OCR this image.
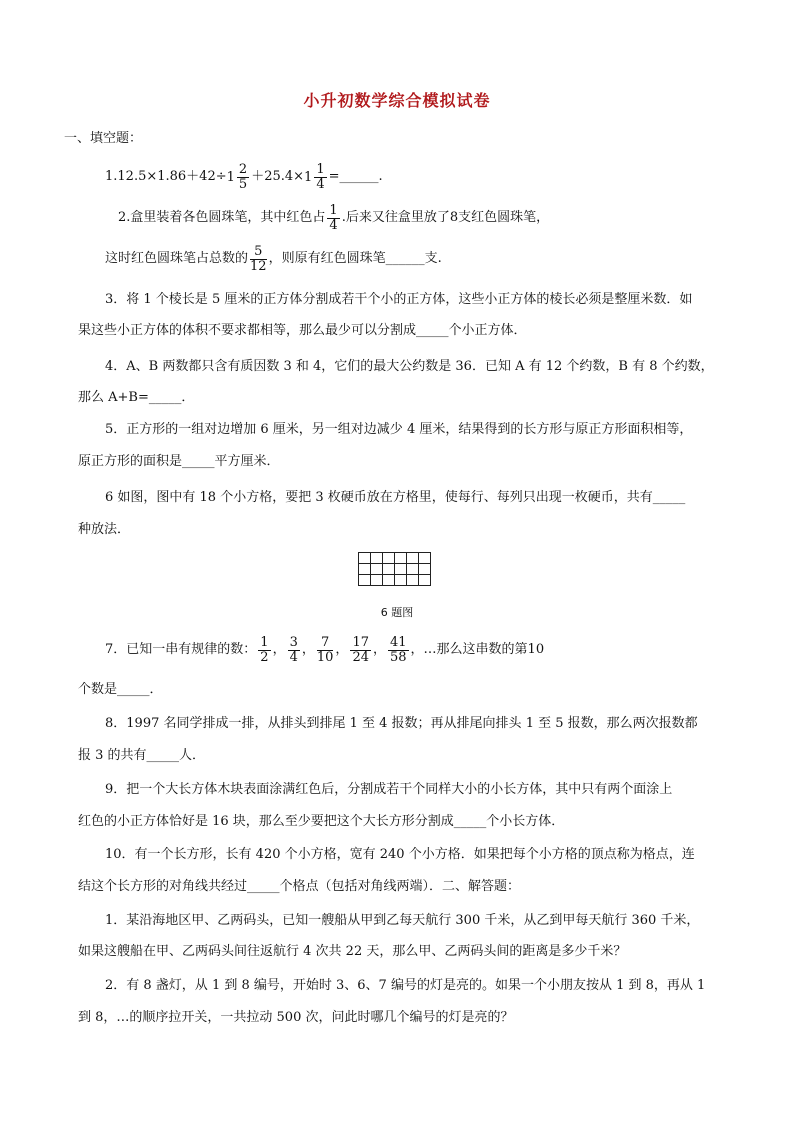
小升初数学综合模拟试卷
一、填空题：
$1.12.5\times 1.86+42\div 1 \frac{2}{5} +25.4\times 1 \frac{1}{4}$ =______.
2.盒里装着各色圆珠笔，其中红色占 $\frac{1}{4}$ .后来又往盒里放了8支红色圆珠笔，
这时红色圆珠笔占总数的 $\frac{5}{12}$ ，则原有红色圆珠笔______支.
3．将 1 个棱长是 5 厘米的正方体分割成若干个小的正方体，这些小正方体的棱长必须是整厘米数．如
果这些小正方体的体积不要求都相等，那么最少可以分割成_____个小正方体．
4．A、B 两数都只含有质因数 3 和 4，它们的最大公约数是 36．已知 A 有 12 个约数，B 有 8 个约数，
那么 A+B=_____．
5．正方形的一组对边增加 6 厘米，另一组对边减少 4 厘米，结果得到的长方形与原正方形面积相等，
原正方形的面积是_____平方厘米．
6 如图，图中有 18 个小方格，要把 3 枚硬币放在方格里，使每行、每列只出现一枚硬币，共有_____
种放法．

6 题图
7．已知一串有规律的数： $\frac{1}{2}$ ， $\frac{3}{4}$ ， $\frac{7}{10}$ ， $\frac{17}{24}$ ， $\frac{41}{58}$ ，…那么这串数的第10
个数是_____．
8．1997 名同学排成一排，从排头到排尾 1 至 4 报数；再从排尾向排头 1 至 5 报数，那么两次报数都
报 3 的共有_____人．
9．把一个大长方体木块表面涂满红色后，分割成若干个同样大小的小长方体，其中只有两个面涂上
红色的小正方体恰好是 16 块，那么至少要把这个大长方形分割成_____个小长方体．
10．有一个长方形，长有 420 个小方格，宽有 240 个小方格．如果把每个小方格的顶点称为格点，连
结这个长方形的对角线共经过_____个格点（包括对角线两端）．二、解答题：
1．某沿海地区甲、乙两码头，已知一艘船从甲到乙每天航行 300 千米，从乙到甲每天航行 360 千米，
如果这艘船在甲、乙两码头间往返航行 4 次共 22 天，那么甲、乙两码头间的距离是多少千米？
2．有 8 盏灯，从 1 到 8 编号，开始时 3、6、7 编号的灯是亮的。如果一个小朋友按从 1 到 8，再从 1
到 8，…的顺序拉开关，一共拉动 500 次，问此时哪几个编号的灯是亮的？
